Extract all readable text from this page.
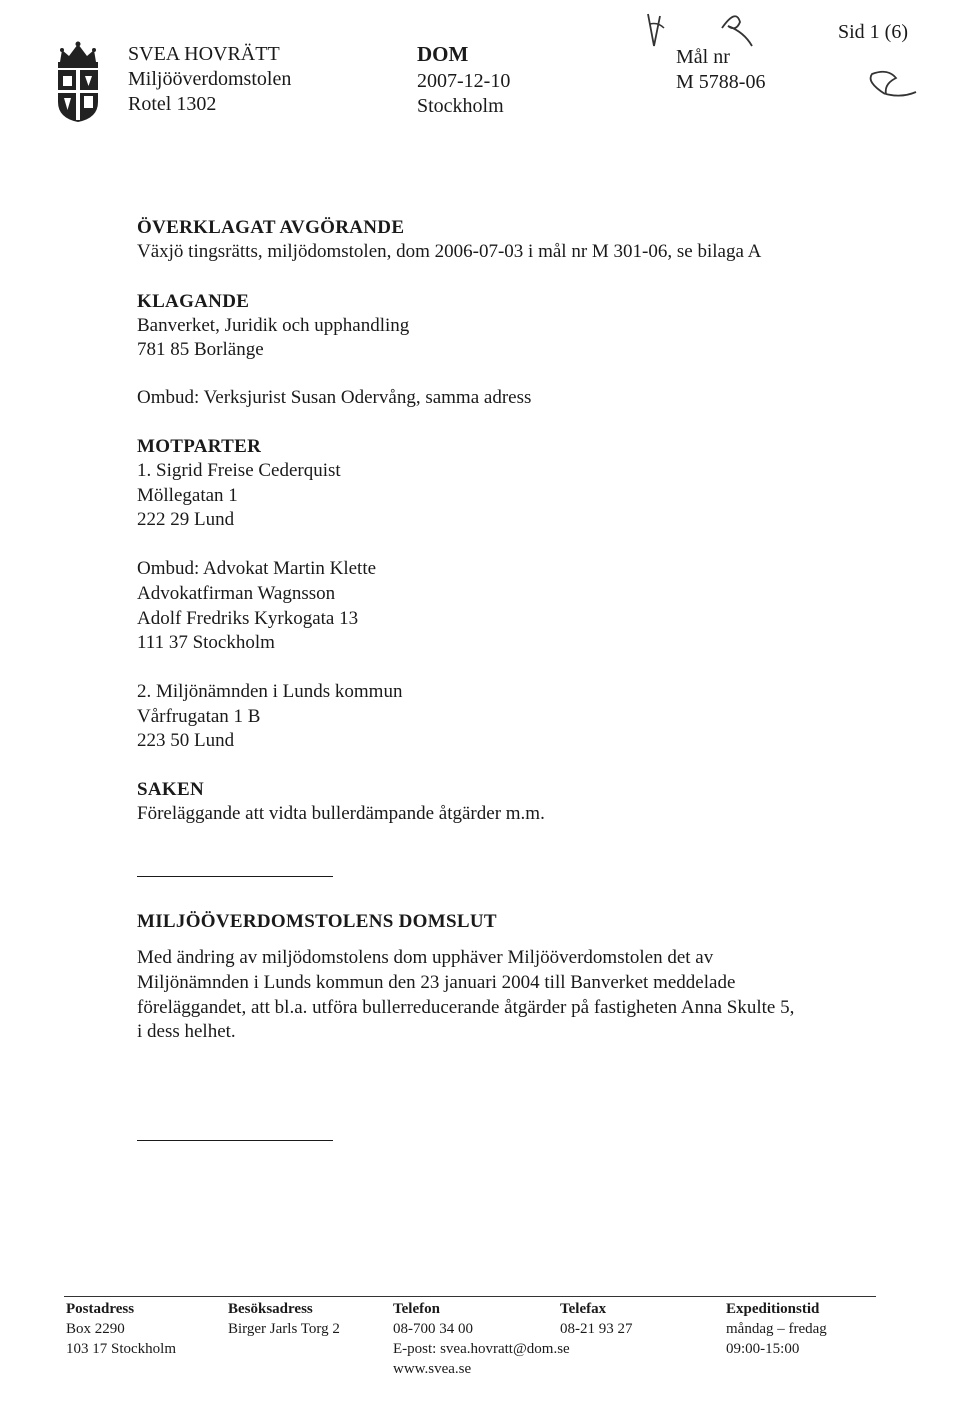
SVEA HOVRÄTT
Miljööverdomstolen
Rotel 1302
DOM
2007-12-10
Stockholm
Mål nr
M 5788-06
Sid 1 (6)
ÖVERKLAGAT AVGÖRANDE
Växjö tingsrätts, miljödomstolen, dom 2006-07-03 i mål nr M 301-06, se bilaga A
KLAGANDE
Banverket, Juridik och upphandling
781 85 Borlänge
Ombud: Verksjurist Susan Odervång, samma adress
MOTPARTER
1. Sigrid Freise Cederquist
Möllegatan 1
222 29 Lund
Ombud: Advokat Martin Klette
Advokatfirman Wagnsson
Adolf Fredriks Kyrkogata 13
111 37 Stockholm
2. Miljönämnden i Lunds kommun
Vårfrugatan 1 B
223 50 Lund
SAKEN
Föreläggande att vidta bullerdämpande åtgärder m.m.
MILJÖÖVERDOMSTOLENS DOMSLUT
Med ändring av miljödomstolens dom upphäver Miljööverdomstolen det av
Miljönämnden i Lunds kommun den 23 januari 2004 till Banverket meddelade
föreläggandet, att bl.a. utföra bullerreducerande åtgärder på fastigheten Anna Skulte 5,
i dess helhet.
Postadress
Box 2290
103 17 Stockholm
Besöksadress
Birger Jarls Torg 2
Telefon
08-700 34 00
E-post: svea.hovratt@dom.se
www.svea.se
Telefax
08-21 93 27
Expeditionstid
måndag – fredag
09:00-15:00
